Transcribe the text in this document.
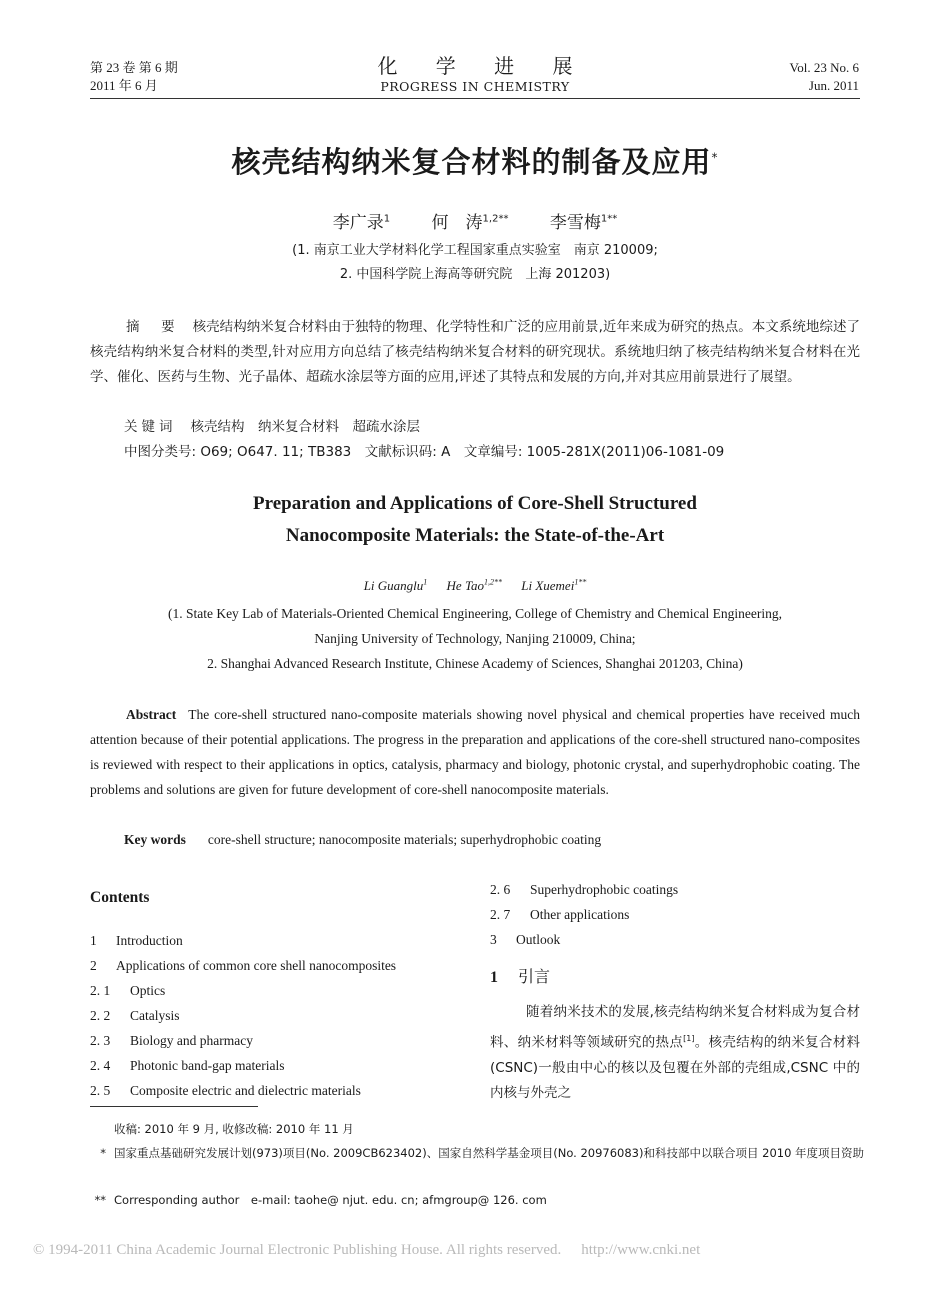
第 23 卷 第 6 期
2011 年 6 月
化 学 进 展
PROGRESS IN CHEMISTRY
Vol. 23 No. 6
Jun. 2011
核壳结构纳米复合材料的制备及应用*
李广录$^1$ 何　涛$^{1,2**}$ 李雪梅$^{1**}$
(1. 南京工业大学材料化学工程国家重点实验室　南京 210009;
2. 中国科学院上海高等研究院　上海 201203)
摘　要 核壳结构纳米复合材料由于独特的物理、化学特性和广泛的应用前景,近年来成为研究的热点。本文系统地综述了核壳结构纳米复合材料的类型,针对应用方向总结了核壳结构纳米复合材料的研究现状。系统地归纳了核壳结构纳米复合材料在光学、催化、医药与生物、光子晶体、超疏水涂层等方面的应用,评述了其特点和发展的方向,并对其应用前景进行了展望。
关键词 核壳结构　纳米复合材料　超疏水涂层
中图分类号: O69; O647. 11; TB383　文献标识码: A　文章编号: 1005-281X(2011)06-1081-09
Preparation and Applications of Core-Shell Structured
Nanocomposite Materials: the State-of-the-Art
Li Guanglu$^1$ He Tao$^{1,2**}$ Li Xuemei$^{1**}$
(1. State Key Lab of Materials-Oriented Chemical Engineering, College of Chemistry and Chemical Engineering,
Nanjing University of Technology, Nanjing 210009, China;
2. Shanghai Advanced Research Institute, Chinese Academy of Sciences, Shanghai 201203, China)
Abstract The core-shell structured nano-composite materials showing novel physical and chemical properties have received much attention because of their potential applications. The progress in the preparation and applications of the core-shell structured nano-composites is reviewed with respect to their applications in optics, catalysis, pharmacy and biology, photonic crystal, and superhydrophobic coating. The problems and solutions are given for future development of core-shell nanocomposite materials.
Key words core-shell structure; nanocomposite materials; superhydrophobic coating
Contents
1 Introduction
2 Applications of common core shell nanocomposites
2. 1 Optics
2. 2 Catalysis
2. 3 Biology and pharmacy
2. 4 Photonic band-gap materials
2. 5 Composite electric and dielectric materials
2. 6 Superhydrophobic coatings
2. 7 Other applications
3 Outlook
1 引言
随着纳米技术的发展,核壳结构纳米复合材料成为复合材料、纳米材料等领域研究的热点[1]。核壳结构的纳米复合材料(CSNC)一般由中心的核以及包覆在外部的壳组成,CSNC 中的内核与外壳之
收稿: 2010 年 9 月, 收修改稿: 2010 年 11 月
* 国家重点基础研究发展计划(973)项目(No. 2009CB623402)、国家自然科学基金项目(No. 20976083)和科技部中以联合项目 2010 年度项目资助
** Corresponding author　e-mail: taohe@ njut. edu. cn; afmgroup@ 126. com
© 1994-2011 China Academic Journal Electronic Publishing House. All rights reserved. http://www.cnki.net
